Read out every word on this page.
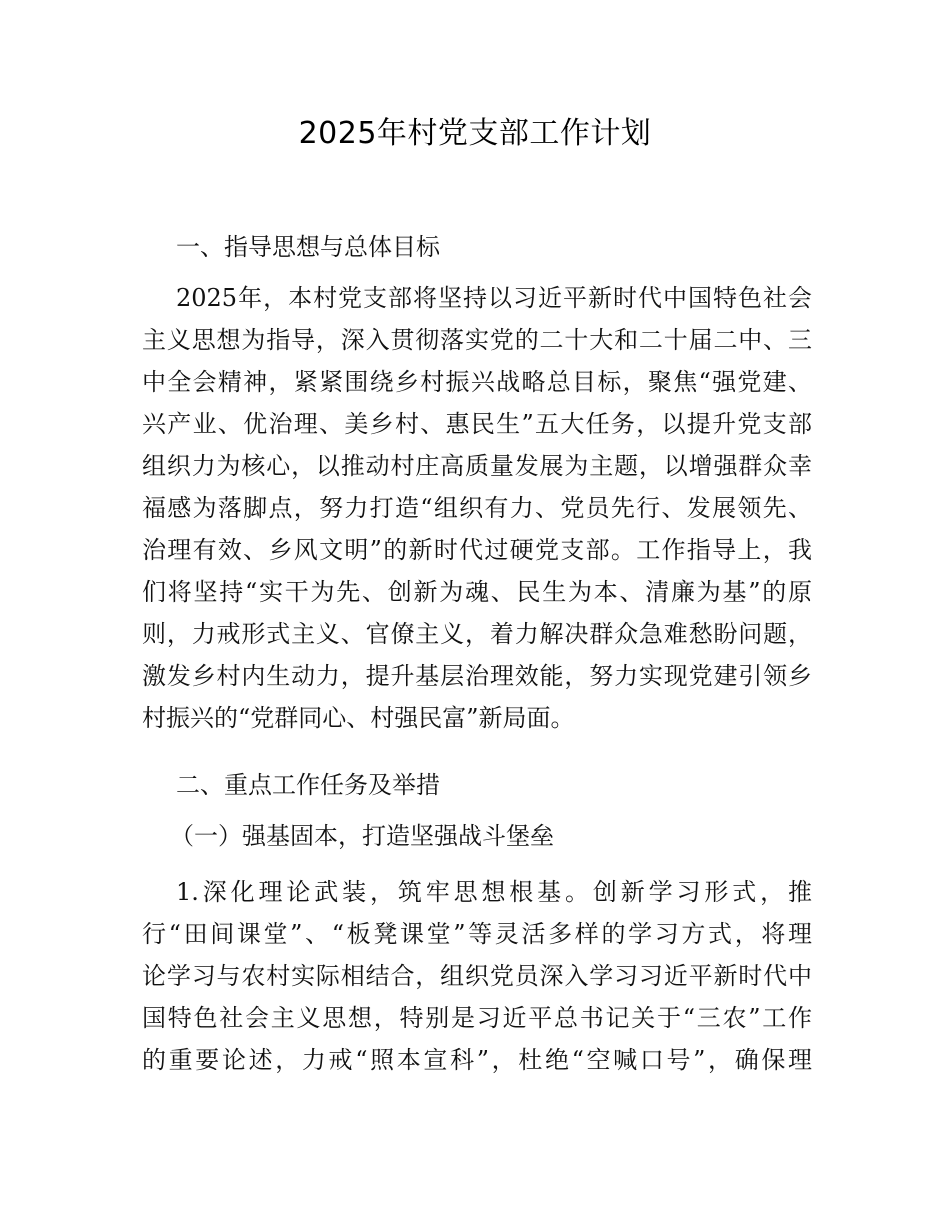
2025年村党支部工作计划
一、指导思想与总体目标
2025年，本村党支部将坚持以习近平新时代中国特色社会
主义思想为指导，深入贯彻落实党的二十大和二十届二中、三
中全会精神，紧紧围绕乡村振兴战略总目标，聚焦“强党建、
兴产业、优治理、美乡村、惠民生”五大任务，以提升党支部
组织力为核心，以推动村庄高质量发展为主题，以增强群众幸
福感为落脚点，努力打造“组织有力、党员先行、发展领先、
治理有效、乡风文明”的新时代过硬党支部。工作指导上，我
们将坚持“实干为先、创新为魂、民生为本、清廉为基”的原
则，力戒形式主义、官僚主义，着力解决群众急难愁盼问题，
激发乡村内生动力，提升基层治理效能，努力实现党建引领乡
村振兴的“党群同心、村强民富”新局面。
二、重点工作任务及举措
（一）强基固本，打造坚强战斗堡垒
1.深化理论武装，筑牢思想根基。创新学习形式，推
行“田间课堂”、“板凳课堂”等灵活多样的学习方式，将理
论学习与农村实际相结合，组织党员深入学习习近平新时代中
国特色社会主义思想，特别是习近平总书记关于“三农”工作
的重要论述，力戒“照本宣科”，杜绝“空喊口号”，确保理
